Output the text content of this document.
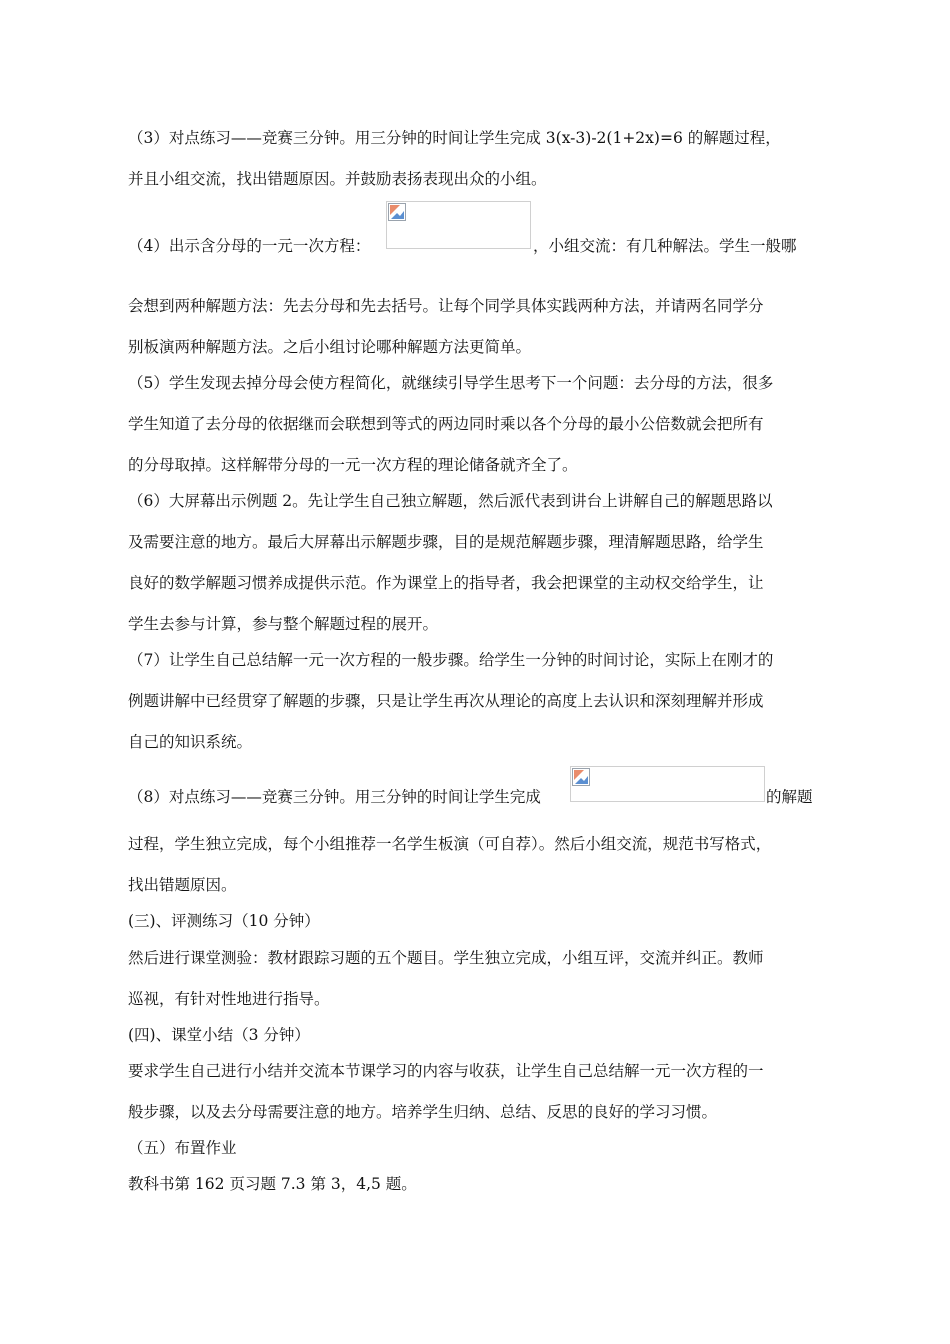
（3）对点练习——竞赛三分钟。用三分钟的时间让学生完成 3(x-3)-2(1+2x)=6 的解题过程，
并且小组交流，找出错题原因。并鼓励表扬表现出众的小组。
（4）出示含分母的一元一次方程：	，小组交流：有几种解法。学生一般哪
会想到两种解题方法：先去分母和先去括号。让每个同学具体实践两种方法，并请两名同学分
别板演两种解题方法。之后小组讨论哪种解题方法更简单。
（5）学生发现去掉分母会使方程简化，就继续引导学生思考下一个问题：去分母的方法，很多
学生知道了去分母的依据继而会联想到等式的两边同时乘以各个分母的最小公倍数就会把所有
的分母取掉。这样解带分母的一元一次方程的理论储备就齐全了。
（6）大屏幕出示例题 2。先让学生自己独立解题，然后派代表到讲台上讲解自己的解题思路以
及需要注意的地方。最后大屏幕出示解题步骤，目的是规范解题步骤，理清解题思路，给学生
良好的数学解题习惯养成提供示范。作为课堂上的指导者，我会把课堂的主动权交给学生，让
学生去参与计算，参与整个解题过程的展开。
（7）让学生自己总结解一元一次方程的一般步骤。给学生一分钟的时间讨论，实际上在刚才的
例题讲解中已经贯穿了解题的步骤，只是让学生再次从理论的高度上去认识和深刻理解并形成
自己的知识系统。
（8）对点练习——竞赛三分钟。用三分钟的时间让学生完成	的解题
过程，学生独立完成，每个小组推荐一名学生板演（可自荐）。然后小组交流，规范书写格式，
找出错题原因。
(三)、评测练习（10 分钟）
然后进行课堂测验：教材跟踪习题的五个题目。学生独立完成，小组互评，交流并纠正。教师
巡视，有针对性地进行指导。
(四)、课堂小结（3 分钟）
要求学生自己进行小结并交流本节课学习的内容与收获，让学生自己总结解一元一次方程的一
般步骤，以及去分母需要注意的地方。培养学生归纳、总结、反思的良好的学习习惯。
（五）布置作业
教科书第 162 页习题 7.3 第 3，4,5 题。
